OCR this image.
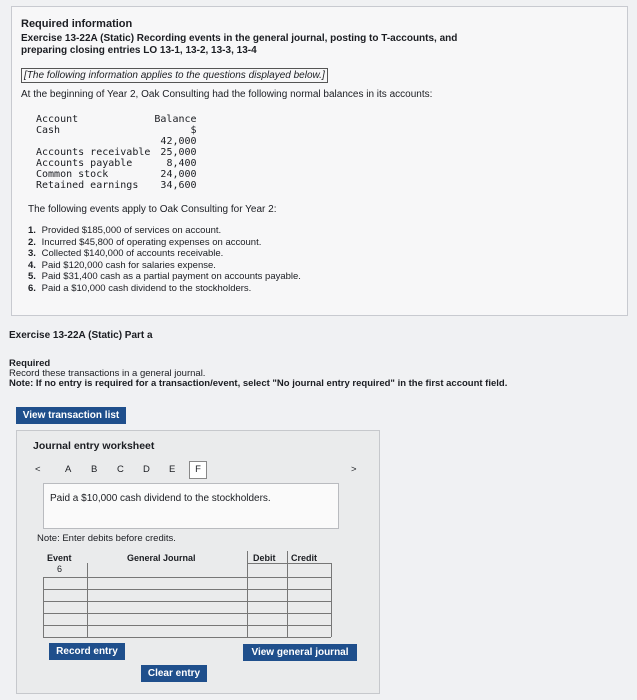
Required information
Exercise 13-22A (Static) Recording events in the general journal, posting to T-accounts, and preparing closing entries LO 13-1, 13-2, 13-3, 13-4
[The following information applies to the questions displayed below.]
At the beginning of Year 2, Oak Consulting had the following normal balances in its accounts:
Account	Balance
Cash	$
42,000
Accounts receivable	25,000
Accounts payable	8,400
Common stock	24,000
Retained earnings	34,600
The following events apply to Oak Consulting for Year 2:
1. Provided $185,000 of services on account.
2. Incurred $45,800 of operating expenses on account.
3. Collected $140,000 of accounts receivable.
4. Paid $120,000 cash for salaries expense.
5. Paid $31,400 cash as a partial payment on accounts payable.
6. Paid a $10,000 cash dividend to the stockholders.
Exercise 13-22A (Static) Part a
Required
Record these transactions in a general journal.
Note: If no entry is required for a transaction/event, select "No journal entry required" in the first account field.
View transaction list
Journal entry worksheet
<	A B C D E	F	>
Paid a $10,000 cash dividend to the stockholders.
Note: Enter debits before credits.
Event	General Journal	Debit Credit
6
Record entry	View general journal
Clear entry
